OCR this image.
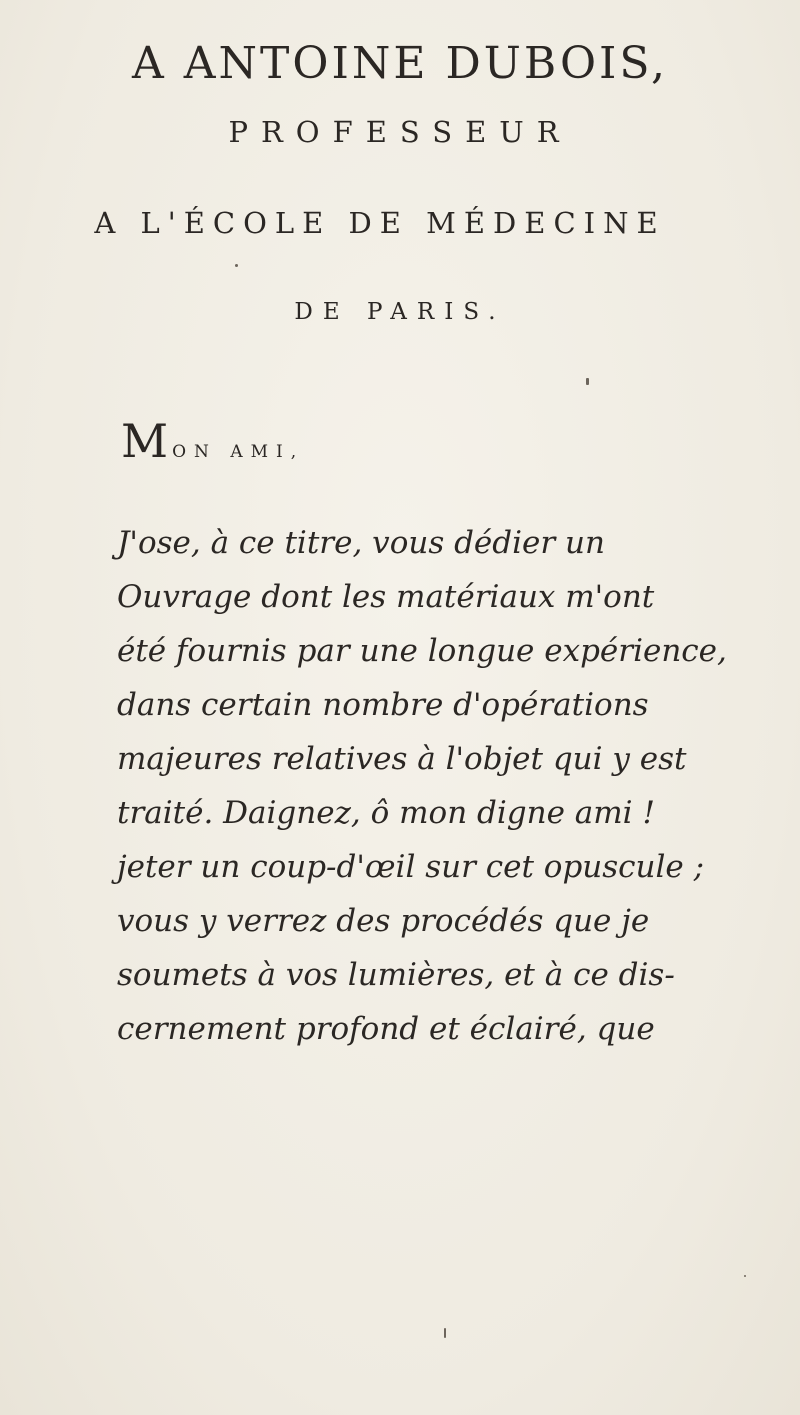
A ANTOINE DUBOIS,
PROFESSEUR
A L'ÉCOLE DE MÉDECINE
DE PARIS.
M ON AMI,
J'ose, à ce titre, vous dédier un
Ouvrage dont les matériaux m'ont
été fournis par une longue expérience,
dans certain nombre d'opérations
majeures relatives à l'objet qui y est
traité. Daignez, ô mon digne ami !
jeter un coup-d'œil sur cet opuscule ;
vous y verrez des procédés que je
soumets à vos lumières, et à ce dis-
cernement profond et éclairé, que
